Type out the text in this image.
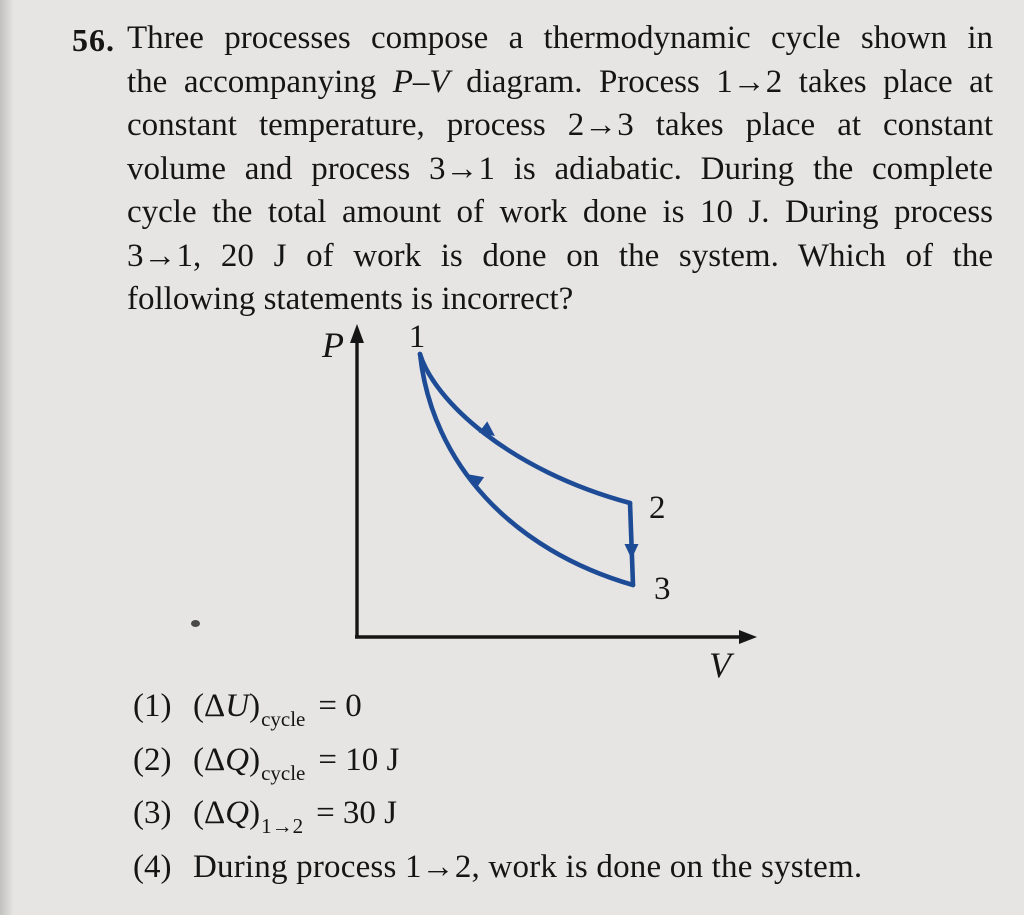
56. Three processes compose a thermodynamic cycle shown in
the accompanying P–V diagram. Process 1→2 takes place at
constant temperature, process 2→3 takes place at constant
volume and process 3→1 is adiabatic. During the complete
cycle the total amount of work done is 10 J. During process
3→1, 20 J of work is done on the system. Which of the
following statements is incorrect?
P
V
1
2
3
(1) $(\Delta U)_{cycle} = 0$
(2) $(\Delta Q)_{cycle} = 10$ J
(3) $(\Delta Q)_{1\to 2} = 30$ J
(4) During process 1→2, work is done on the system.
